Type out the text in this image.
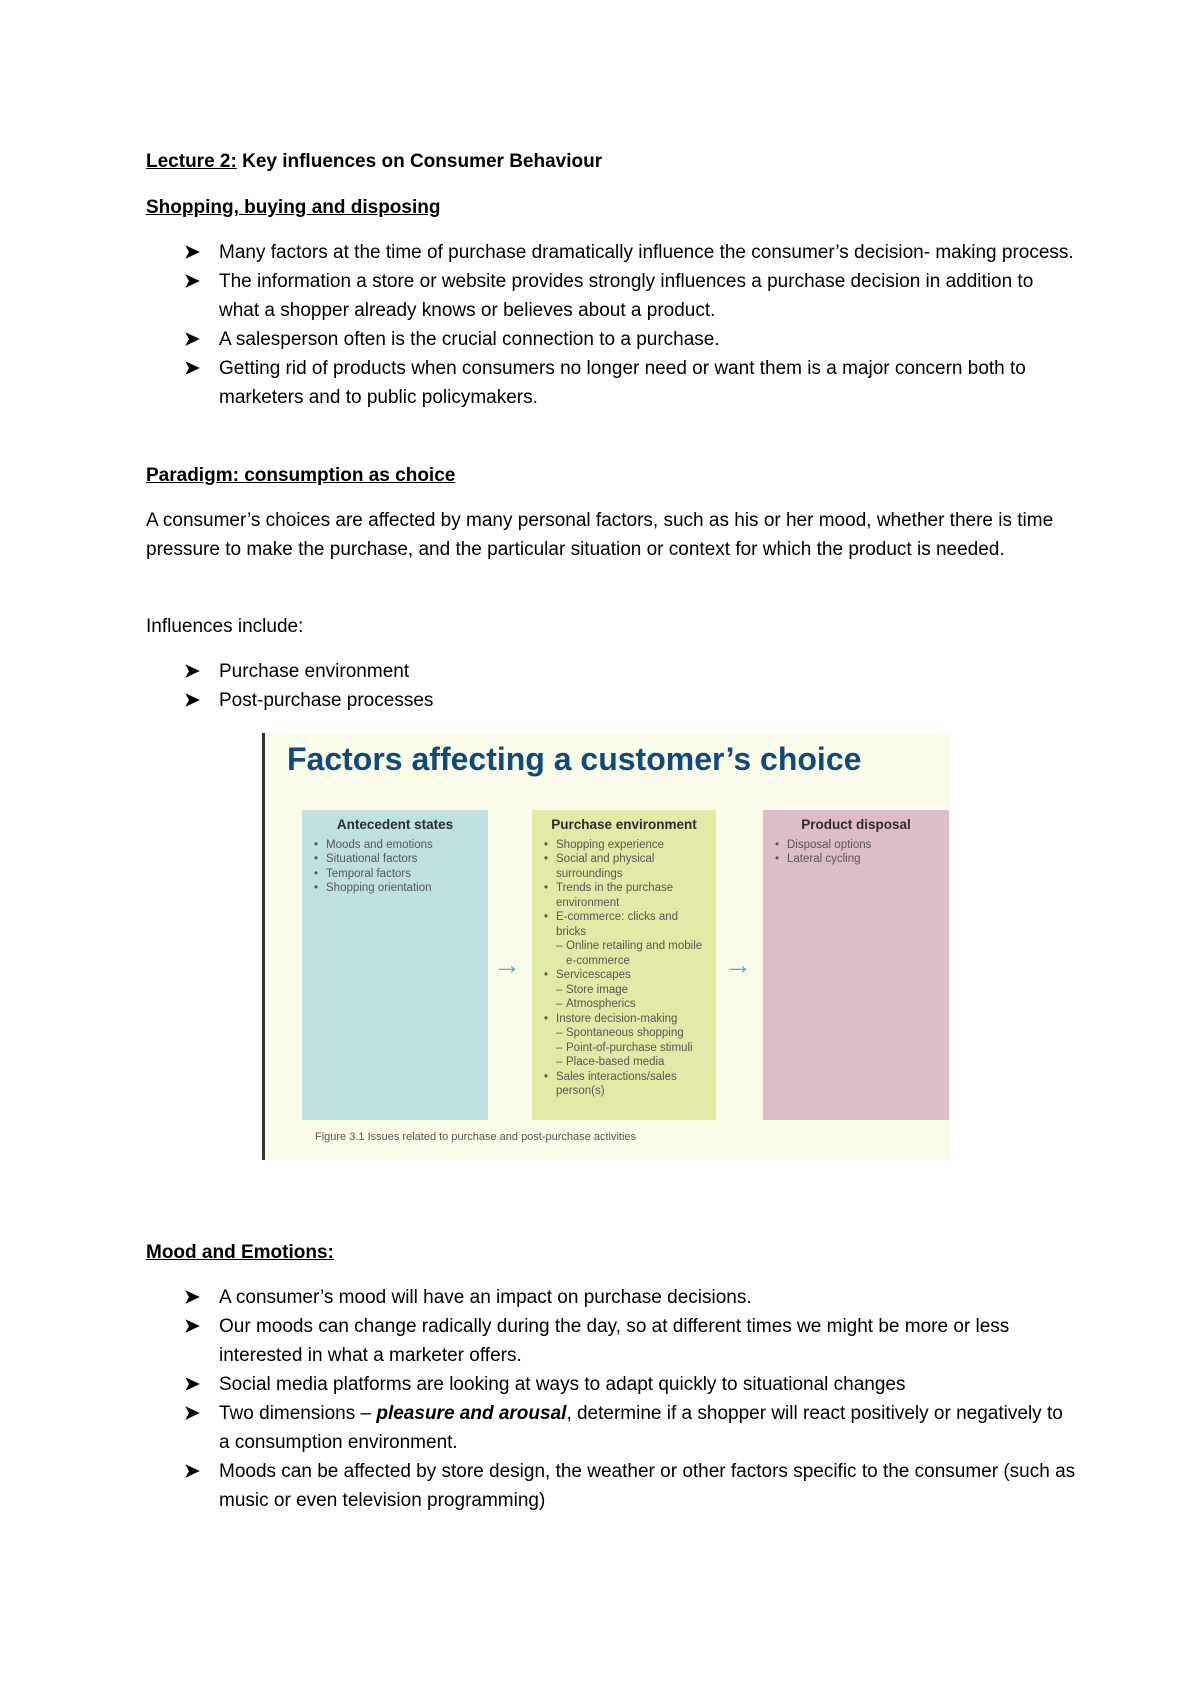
Lecture 2: Key influences on Consumer Behaviour
Shopping, buying and disposing
➤ Many factors at the time of purchase dramatically influence the consumer’s decision- making process.
➤ The information a store or website provides strongly influences a purchase decision in addition to what a shopper already knows or believes about a product.
➤ A salesperson often is the crucial connection to a purchase.
➤ Getting rid of products when consumers no longer need or want them is a major concern both to marketers and to public policymakers.
Paradigm: consumption as choice
A consumer’s choices are affected by many personal factors, such as his or her mood, whether there is time pressure to make the purchase, and the particular situation or context for which the product is needed.
Influences include:
➤ Purchase environment
➤ Post-purchase processes
Factors affecting a customer’s choice
Antecedent states
• Moods and emotions
• Situational factors
• Temporal factors
• Shopping orientation
→
Purchase environment
• Shopping experience
• Social and physical surroundings
• Trends in the purchase environment
• E-commerce: clicks and bricks
– Online retailing and mobile e-commerce
• Servicescapes
– Store image
– Atmospherics
• Instore decision-making
– Spontaneous shopping
– Point-of-purchase stimuli
– Place-based media
• Sales interactions/sales person(s)
→
Product disposal
• Disposal options
• Lateral cycling
Figure 3.1 Issues related to purchase and post-purchase activities
Mood and Emotions:
➤ A consumer’s mood will have an impact on purchase decisions.
➤ Our moods can change radically during the day, so at different times we might be more or less interested in what a marketer offers.
➤ Social media platforms are looking at ways to adapt quickly to situational changes
➤ Two dimensions – pleasure and arousal, determine if a shopper will react positively or negatively to a consumption environment.
➤ Moods can be affected by store design, the weather or other factors specific to the consumer (such as music or even television programming)
